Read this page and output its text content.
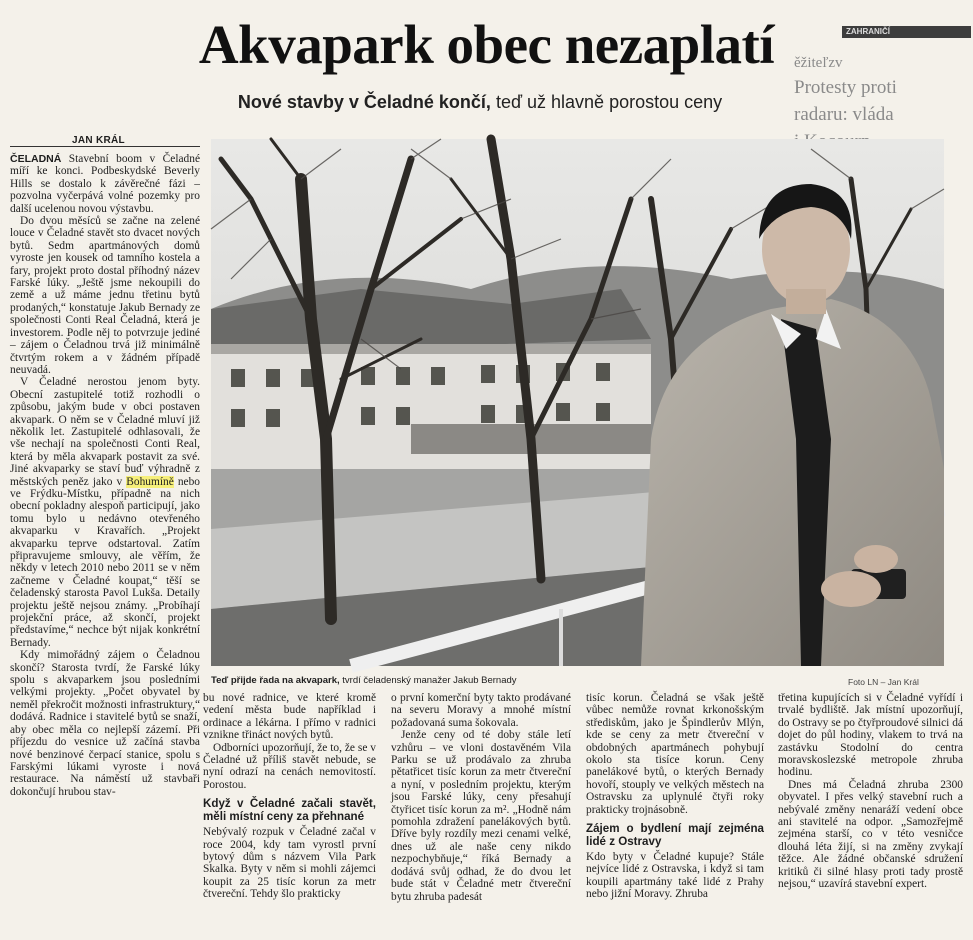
ZAHRANIČÍ
ěžiteľzv
Protesty proti
radaru: vláda
Akvapark obec nezaplatí
Nové stavby v Čeladné končí, teď už hlavně porostou ceny
JAN KRÁL
Teď přijde řada na akvapark, tvrdí čeladenský manažer Jakub Bernady	Foto LN – Jan Král

ČELADNÁ Stavební boom v Čeladné míří ke konci. Podbeskydské Beverly Hills se dostalo k závěrečné fázi – pozvolna vyčerpává volné pozemky pro další ucelenou novou výstavbu.

Do dvou měsíců se začne na zelené louce v Čeladné stavět sto dvacet nových bytů. Sedm apartmánových domů vyroste jen kousek od tamního kostela a fary, projekt proto dostal příhodný název Farské lúky. „Ještě jsme nekoupili do země a už máme jednu třetinu bytů prodaných,“ konstatuje Jakub Bernady ze společnosti Conti Real Čeladná, která je investorem. Podle něj to potvrzuje jediné – zájem o Čeladnou trvá již minimálně čtvrtým rokem a v žádném případě neuvadá.

V Čeladné nerostou jenom byty. Obecní zastupitelé totiž rozhodli o způsobu, jakým bude v obci postaven akvapark. O něm se v Čeladné mluví již několik let. Zastupitelé odhlasovali, že vše nechají na společnosti Conti Real, která by měla akvapark postavit za své. Jiné akvaparky se staví buď výhradně z městských peněz jako v Bohumíně nebo ve Frýdku-Místku, případně na nich obecní pokladny alespoň participují, jako tomu bylo u nedávno otevřeného akvaparku v Kravařích. „Projekt akvaparku teprve odstartoval. Zatím připravujeme smlouvy, ale věřím, že někdy v letech 2010 nebo 2011 se v něm začneme v Čeladné koupat,“ těší se čeladenský starosta Pavol Lukša. Detaily projektu ještě nejsou známy. „Probíhají projekční práce, až skončí, projekt představíme,“ nechce být nijak konkrétní Bernady.

Kdy mimořádný zájem o Čeladnou skončí? Starosta tvrdí, že Farské lúky spolu s akvaparkem jsou posledními velkými projekty. „Počet obyvatel by neměl překročit možnosti infrastruktury,“ dodává. Radnice i stavitelé bytů se snaží, aby obec měla co nejlepší zázemí. Při příjezdu do vesnice už začíná stavba nové benzinové čerpací stanice, spolu s Farskými lúkami vyroste i nová restaurace. Na náměstí už stavbaři dokončují hrubou stav-

bu nové radnice, ve které kromě vedení města bude například i ordinace a lékárna. I přímo v radnici vznikne třináct nových bytů.

Odborníci upozorňují, že to, že se v Čeladné už příliš stavět nebude, se nyní odrazí na cenách nemovitostí. Porostou.

Když v Čeladné začali stavět, měli místní ceny za přehnané

Nebývalý rozpuk v Čeladné začal v roce 2004, kdy tam vyrostl první bytový dům s názvem Vila Park Skalka. Byty v něm si mohli zájemci koupit za 25 tisíc korun za metr čtvereční. Tehdy šlo prakticky

o první komerční byty takto prodávané na severu Moravy a mnohé místní požadovaná suma šokovala.

Jenže ceny od té doby stále letí vzhůru – ve vloni dostavěném Vila Parku se už prodávalo za zhruba pětatřicet tisíc korun za metr čtvereční a nyní, v posledním projektu, kterým jsou Farské lúky, ceny přesahují čtyřicet tisíc korun za m². „Hodně nám pomohla zdražení panelákových bytů. Dříve byly rozdíly mezi cenami velké, dnes už ale naše ceny nikdo nezpochybňuje,“ říká Bernady a dodává svůj odhad, že do dvou let bude stát v Čeladné metr čtvereční bytu zhruba padesát

tisíc korun. Čeladná se však ještě vůbec nemůže rovnat krkonošským střediskům, jako je Špindlerův Mlýn, kde se ceny za metr čtvereční v obdobných apartmánech pohybují okolo sta tisíce korun. Ceny panelákové bytů, o kterých Bernady hovoří, stouply ve velkých městech na Ostravsku za uplynulé čtyři roky prakticky trojnásobně.

Zájem o bydlení mají zejména lidé z Ostravy

Kdo byty v Čeladné kupuje? Stále nejvíce lidé z Ostravska, i když si tam koupili apartmány také lidé z Prahy nebo jižní Moravy. Zhruba

třetina kupujících si v Čeladné vyřídí i trvalé bydliště. Jak místní upozorňují, do Ostravy se po čtyřproudové silnici dá dojet do půl hodiny, vlakem to trvá na zastávku Stodolní do centra moravskoslezské metropole zhruba hodinu.

Dnes má Čeladná zhruba 2300 obyvatel. I přes velký stavební ruch a nebývalé změny nenaráží vedení obce ani stavitelé na odpor. „Samozřejmě zejména starší, co v této vesničce dlouhá léta žijí, si na změny zvykají těžce. Ale žádné občanské sdružení kritiků či silné hlasy proti tady prostě nejsou,“ uzavírá stavební expert.
